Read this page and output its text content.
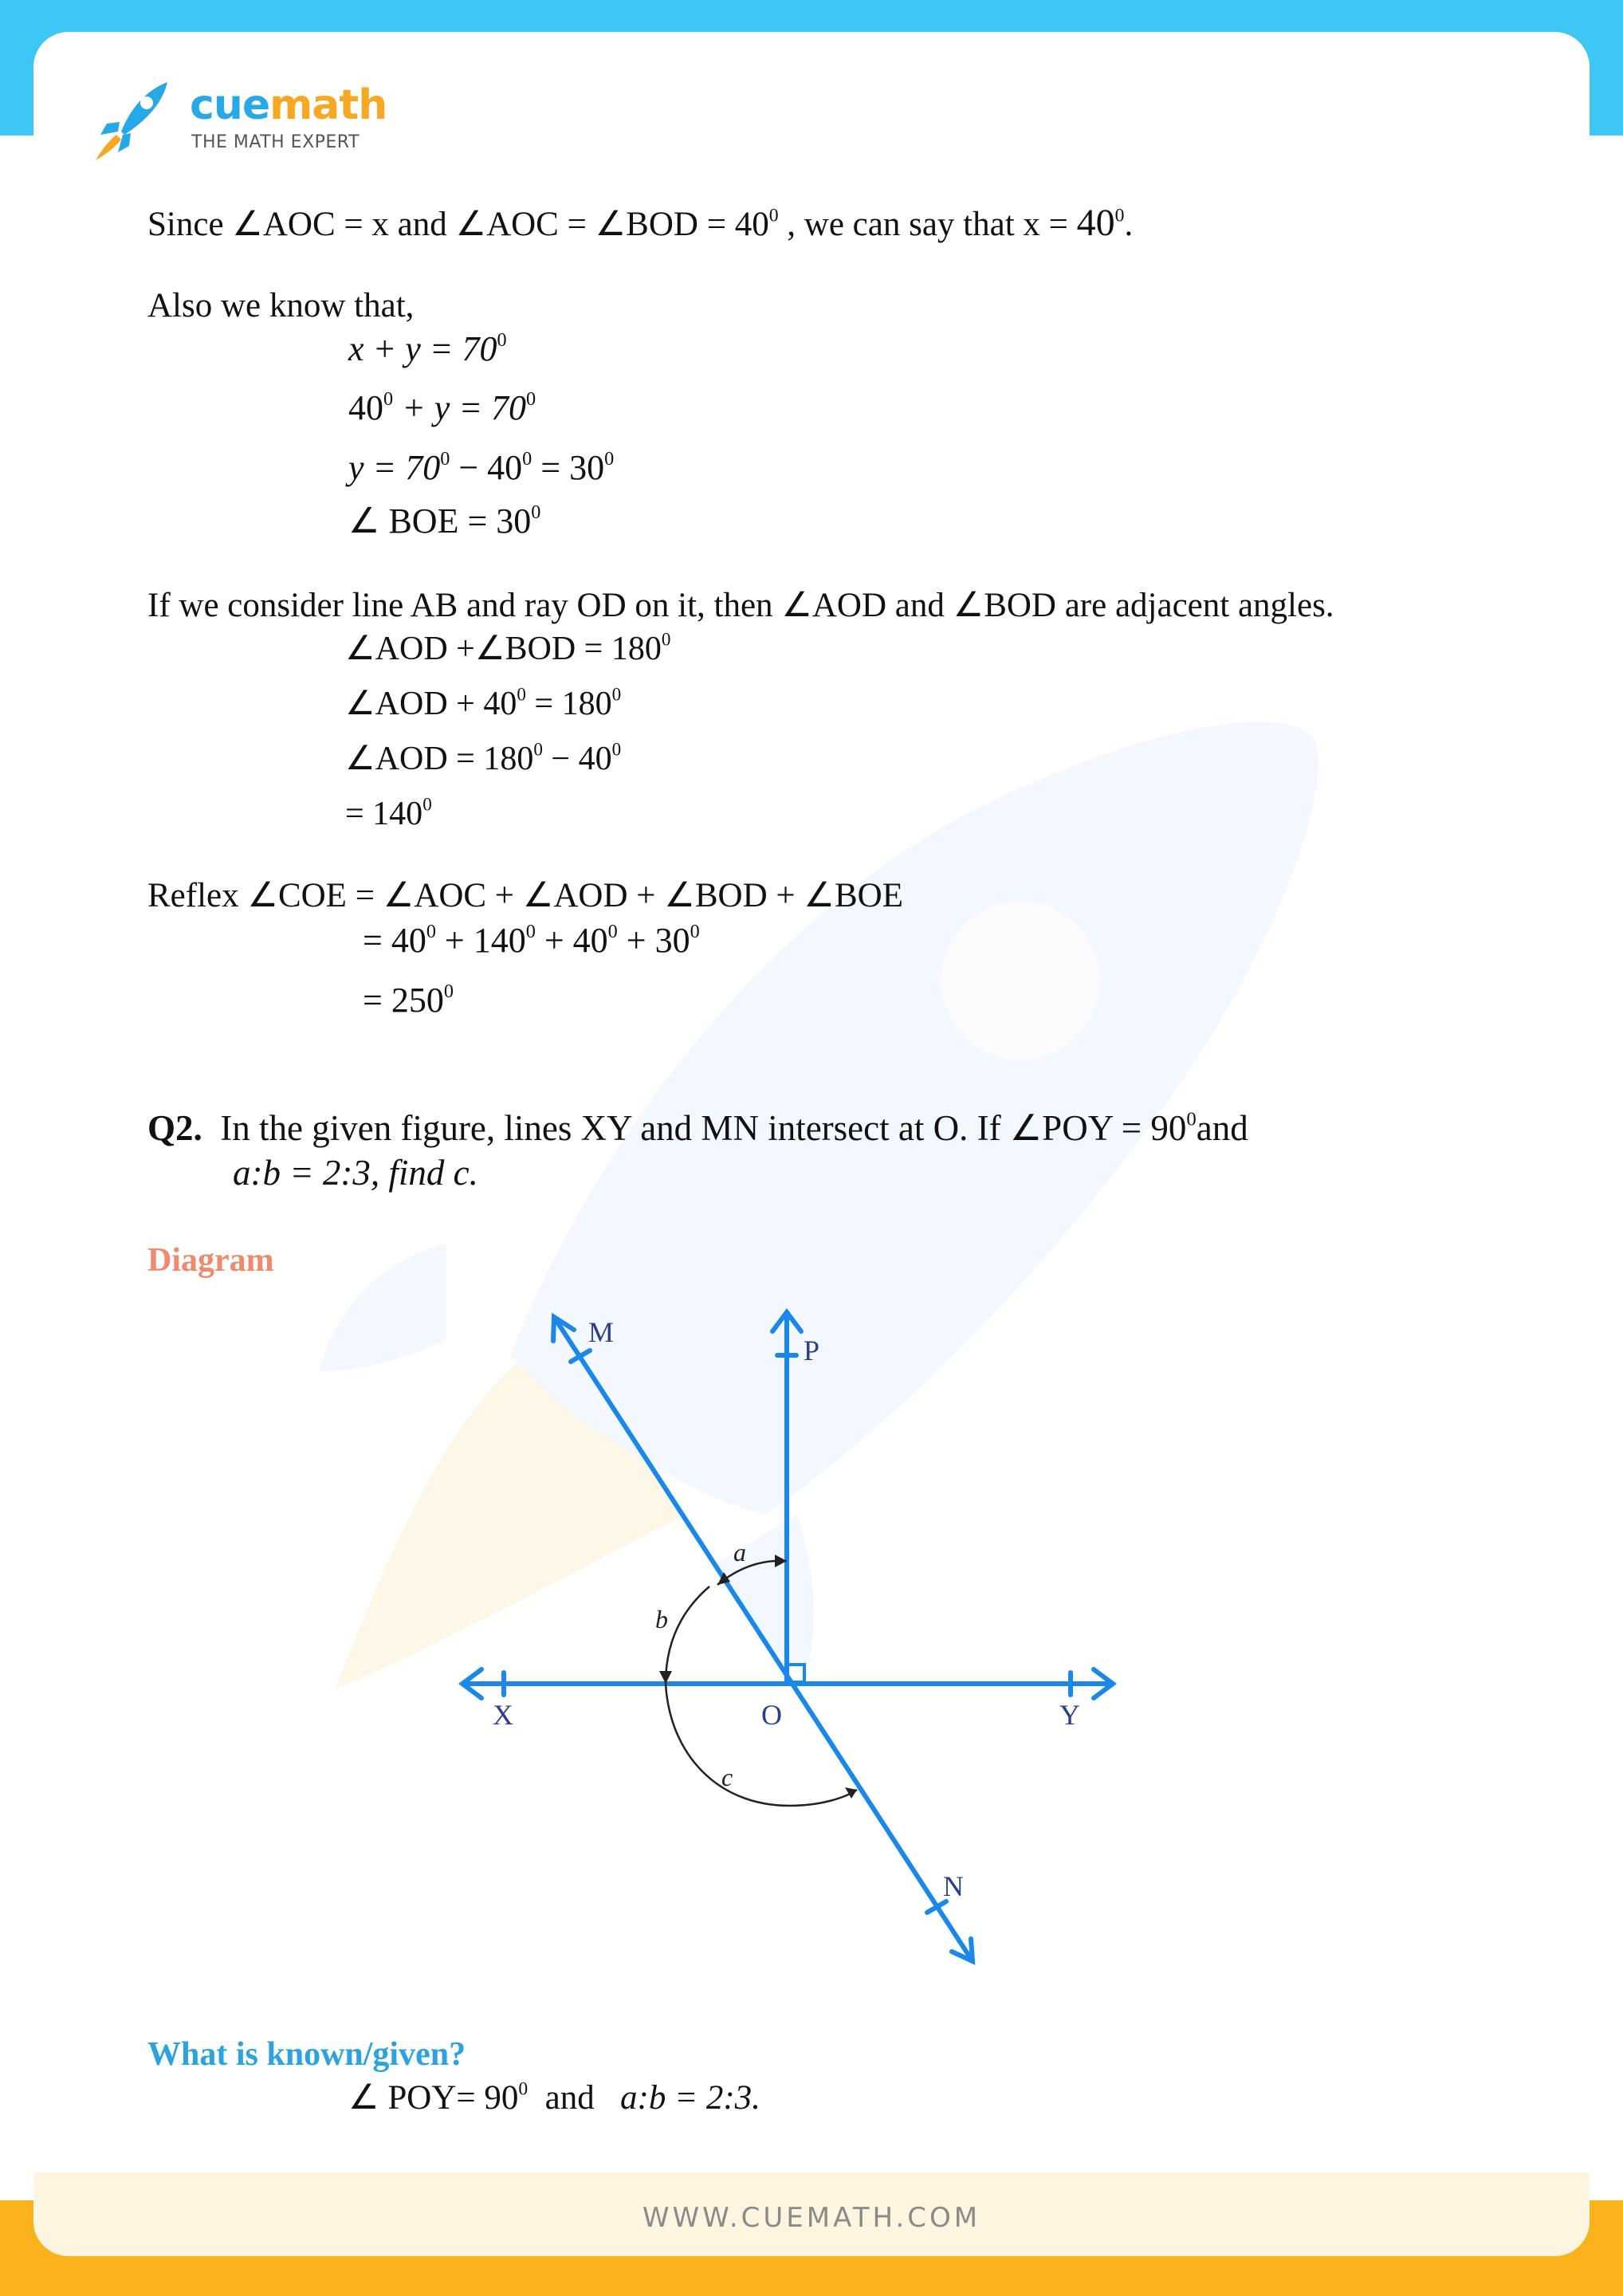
cuemath
THE MATH EXPERT
Since ∠AOC = x and ∠AOC = ∠BOD = $40^0$ , we can say that $x = 40^0$.
Also we know that,
$x + y = 70^0$
$40^0 + y = 70^0$
$y = 70^0 - 40^0 = 30^0$
∠ BOE = $30^0$
If we consider line AB and ray OD on it, then ∠AOD and ∠BOD are adjacent angles.
∠AOD +∠BOD = $180^0$
∠AOD + $40^0 = 180^0$
∠AOD = $180^0 - 40^0$
= $140^0$
Reflex ∠COE = ∠AOC + ∠AOD + ∠BOD + ∠BOE
= $40^0 + 140^0 + 40^0 + 30^0$
= $250^0$
Q2. In the given figure, lines XY and MN intersect at O. If ∠POY = $90^0and$
a:b = 2:3, find c.
Diagram
M
P
X	O	Y
N
a
b
c
What is known/given?
∠ $POY= 90^0$ and a:b = 2:3.
WWW.CUEMATH.COM
